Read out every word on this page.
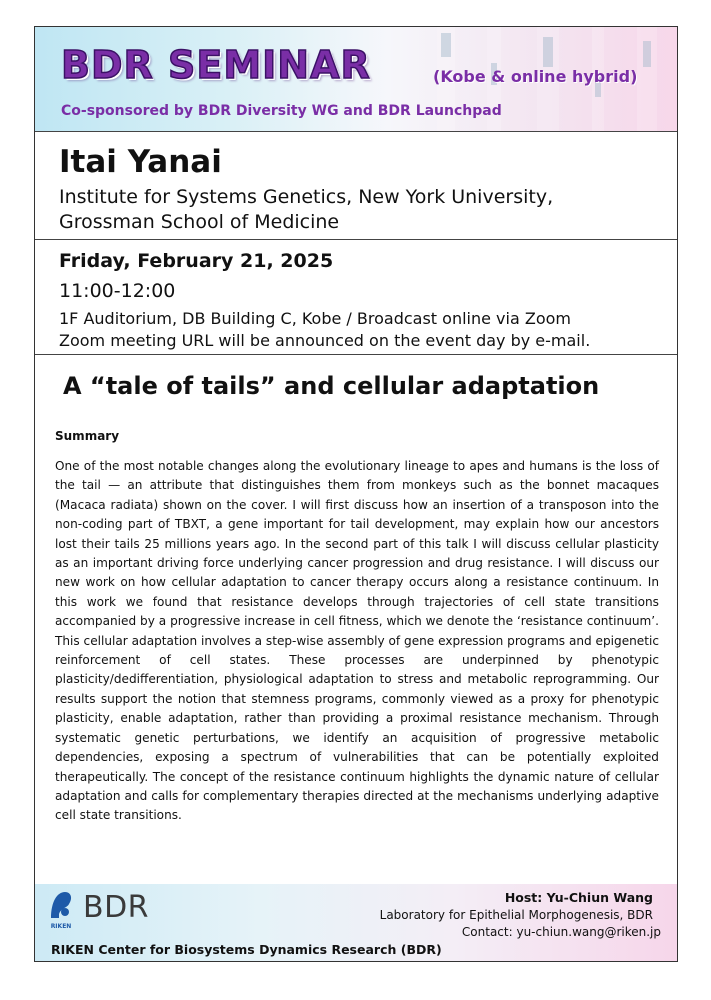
BDR SEMINAR	(Kobe & online hybrid)
Co-sponsored by BDR Diversity WG and BDR Launchpad
Itai Yanai
Institute for Systems Genetics, New York University,
Grossman School of Medicine
Friday, February 21, 2025
11:00-12:00
1F Auditorium, DB Building C, Kobe / Broadcast online via Zoom
Zoom meeting URL will be announced on the event day by e-mail.
A “tale of tails” and cellular adaptation
Summary
One of the most notable changes along the evolutionary lineage to apes and humans is the loss of the tail — an attribute that distinguishes them from monkeys such as the bonnet macaques (Macaca radiata) shown on the cover. I will first discuss how an insertion of a transposon into the non-coding part of TBXT, a gene important for tail development, may explain how our ancestors lost their tails 25 millions years ago. In the second part of this talk I will discuss cellular plasticity as an important driving force underlying cancer progression and drug resistance. I will discuss our new work on how cellular adaptation to cancer therapy occurs along a resistance continuum. In this work we found that resistance develops through trajectories of cell state transitions accompanied by a progressive increase in cell fitness, which we denote the ‘resistance continuum’. This cellular adaptation involves a step-wise assembly of gene expression programs and epigenetic reinforcement of cell states. These processes are underpinned by phenotypic plasticity/dedifferentiation, physiological adaptation to stress and metabolic reprogramming. Our results support the notion that stemness programs, commonly viewed as a proxy for phenotypic plasticity, enable adaptation, rather than providing a proximal resistance mechanism. Through systematic genetic perturbations, we identify an acquisition of progressive metabolic dependencies, exposing a spectrum of vulnerabilities that can be potentially exploited therapeutically. The concept of the resistance continuum highlights the dynamic nature of cellular adaptation and calls for complementary therapies directed at the mechanisms underlying adaptive cell state transitions.
RIKEN
BDR	Host: Yu-Chiun Wang
Laboratory for Epithelial Morphogenesis, BDR
Contact: yu-chiun.wang@riken.jp
RIKEN Center for Biosystems Dynamics Research (BDR)
